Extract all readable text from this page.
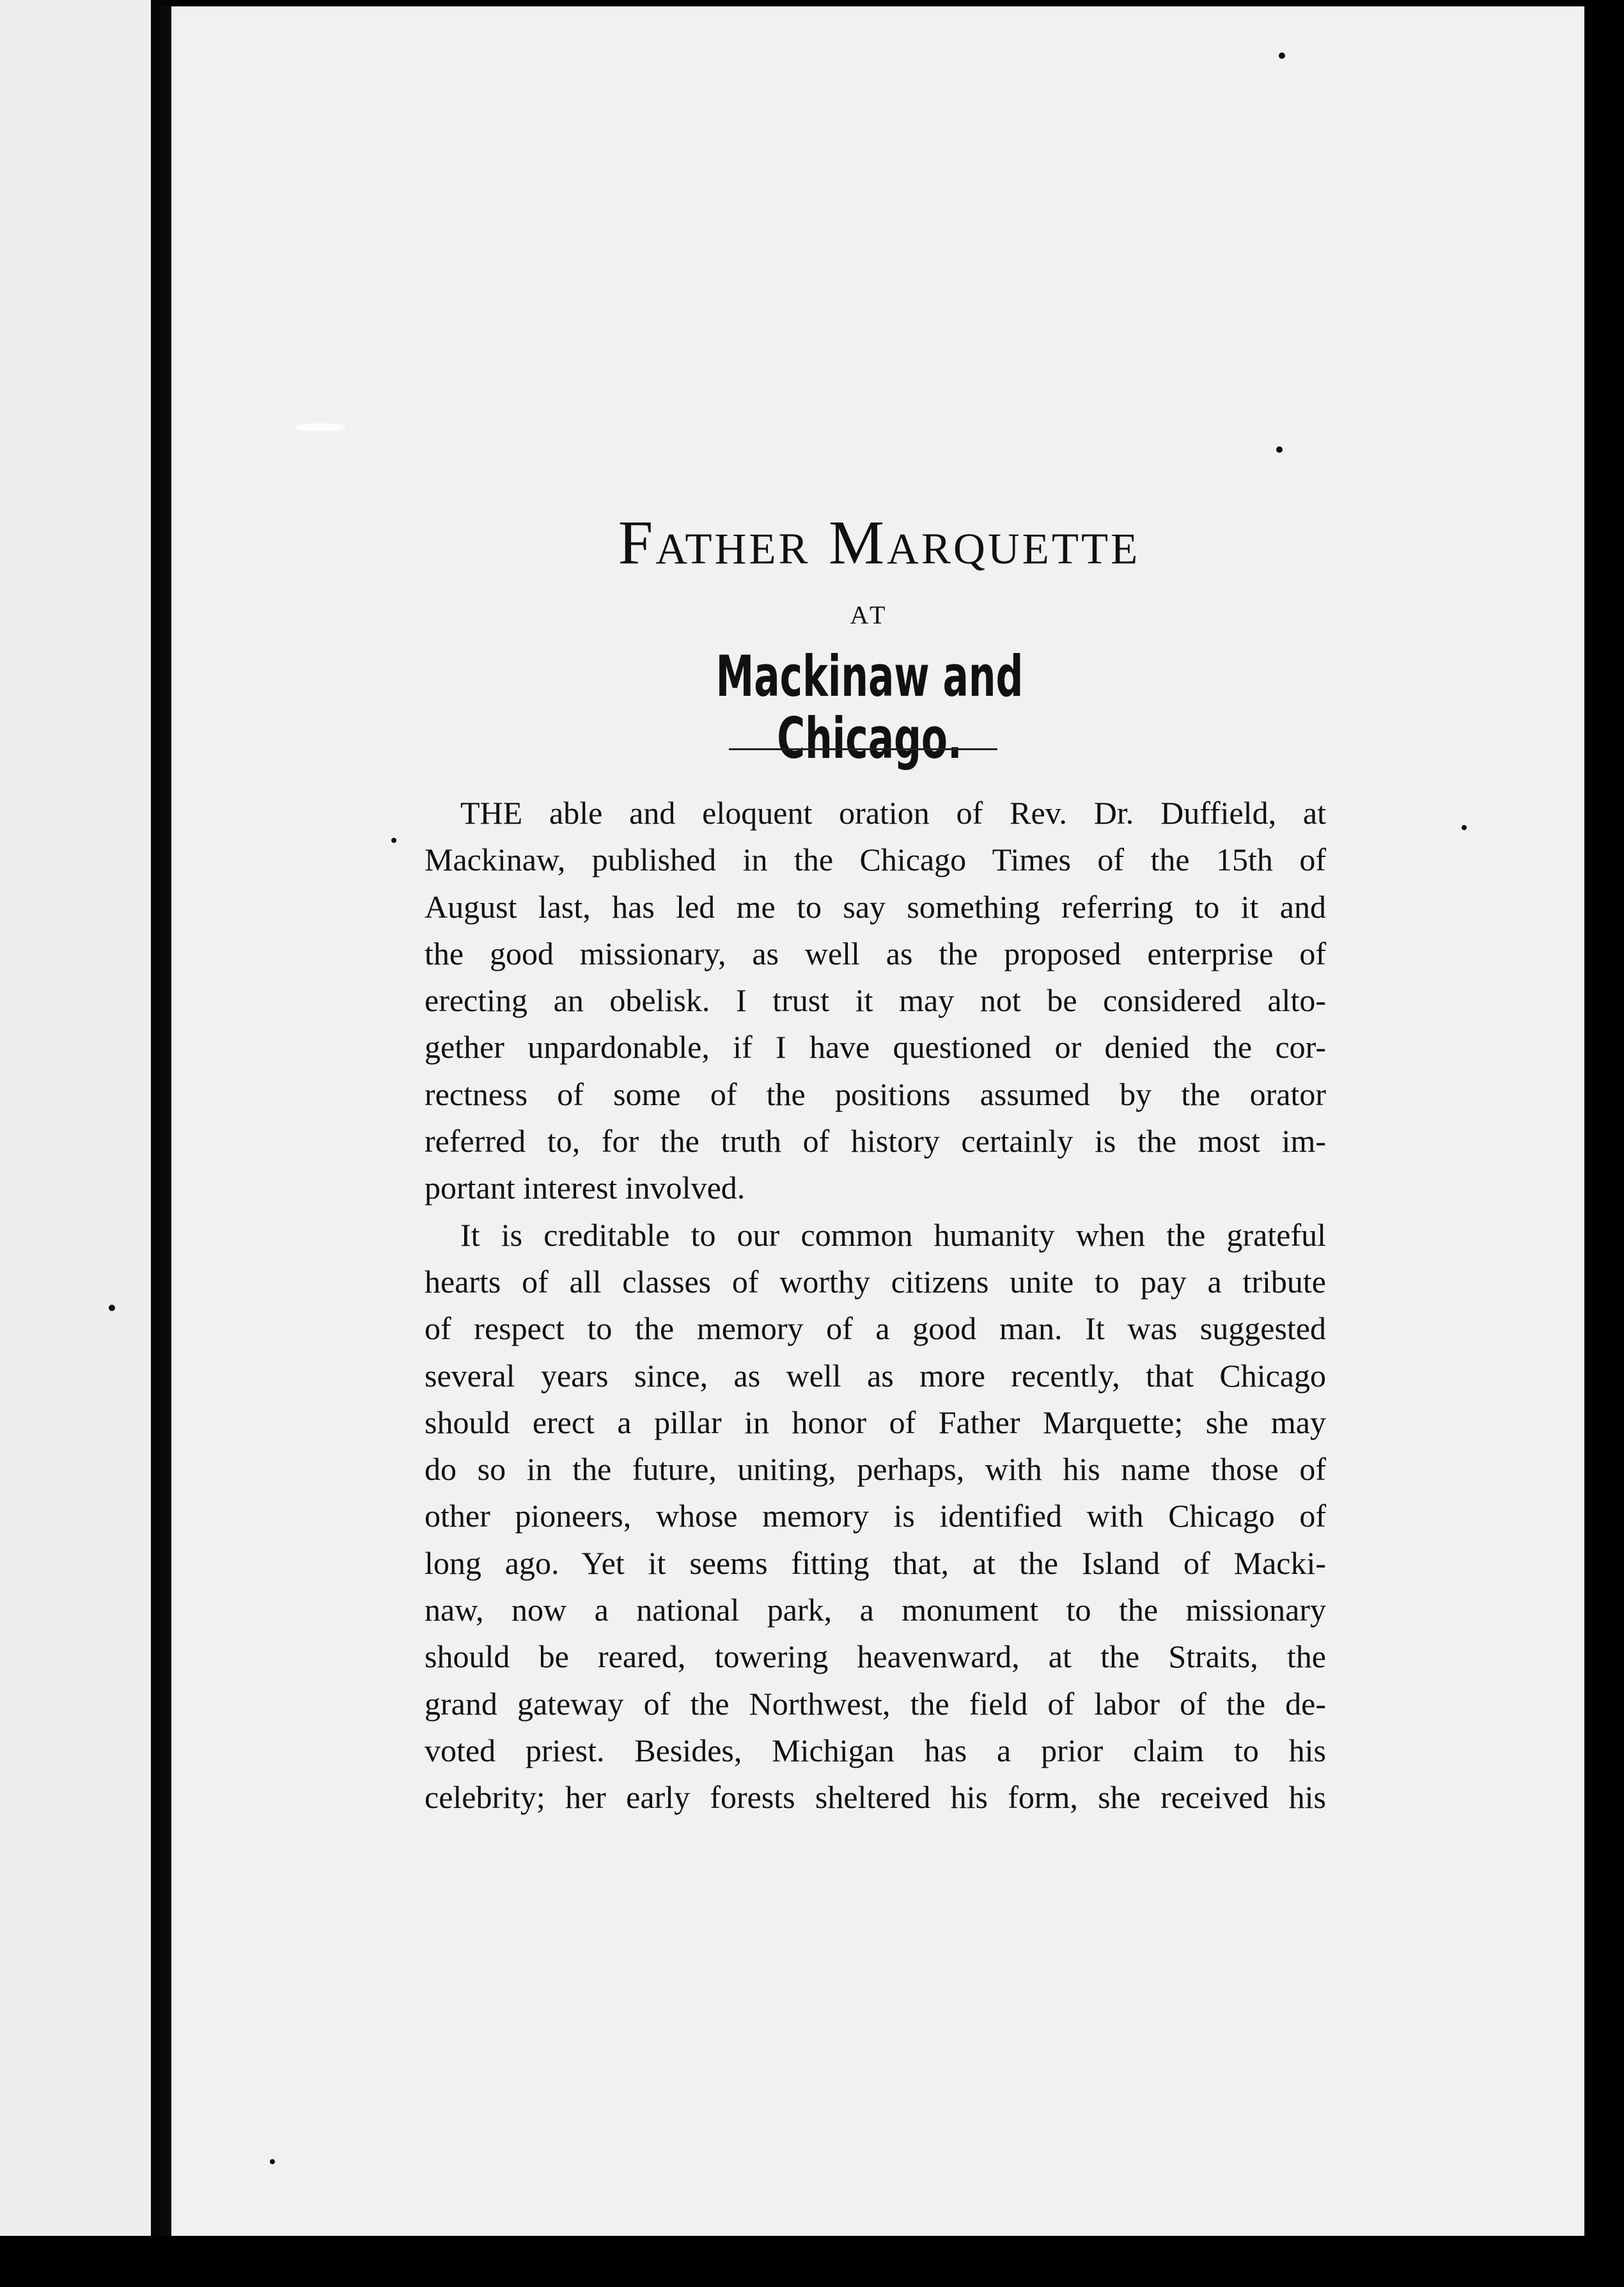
Father Marquette
AT
Mackinaw and Chicago.
THE able and eloquent oration of Rev. Dr. Duffield, at
Mackinaw, published in the Chicago Times of the 15th of
August last, has led me to say something referring to it and
the good missionary, as well as the proposed enterprise of
erecting an obelisk. I trust it may not be considered alto-
gether unpardonable, if I have questioned or denied the cor-
rectness of some of the positions assumed by the orator
referred to, for the truth of history certainly is the most im-
portant interest involved.
It is creditable to our common humanity when the grateful
hearts of all classes of worthy citizens unite to pay a tribute
of respect to the memory of a good man. It was suggested
several years since, as well as more recently, that Chicago
should erect a pillar in honor of Father Marquette; she may
do so in the future, uniting, perhaps, with his name those of
other pioneers, whose memory is identified with Chicago of
long ago. Yet it seems fitting that, at the Island of Macki-
naw, now a national park, a monument to the missionary
should be reared, towering heavenward, at the Straits, the
grand gateway of the Northwest, the field of labor of the de-
voted priest. Besides, Michigan has a prior claim to his
celebrity; her early forests sheltered his form, she received his
